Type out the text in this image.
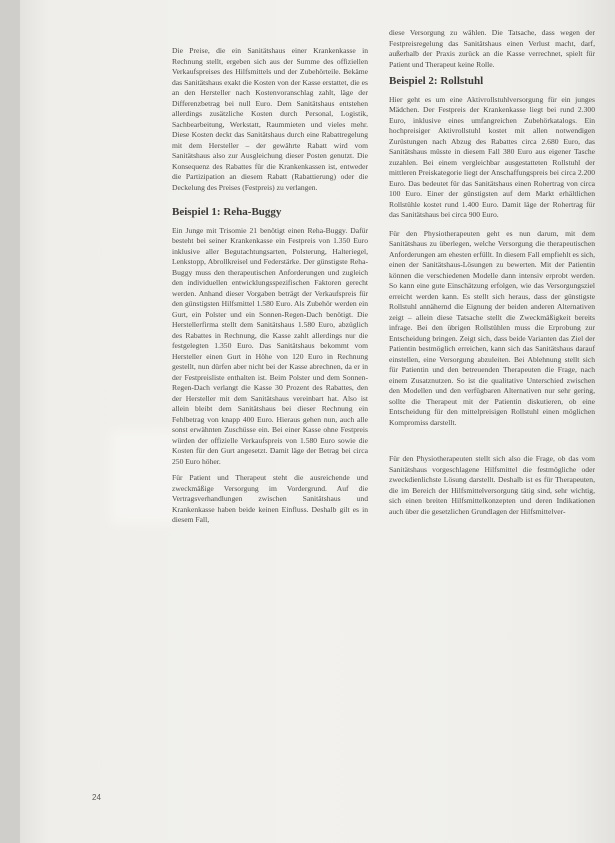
Die Preise, die ein Sanitätshaus einer Krankenkasse in Rechnung stellt, ergeben sich aus der Summe des offiziellen Verkaufspreises des Hilfsmittels und der Zubehörteile. Bekäme das Sanitätshaus exakt die Kosten von der Kasse erstattet, die es an den Hersteller nach Kostenvoranschlag zahlt, läge der Differenzbetrag bei null Euro. Dem Sanitätshaus entstehen allerdings zusätzliche Kosten durch Personal, Logistik, Sachbearbeitung, Werkstatt, Raummieten und vieles mehr. Diese Kosten deckt das Sanitätshaus durch eine Rabattregelung mit dem Hersteller – der gewährte Rabatt wird vom Sanitätshaus also zur Ausgleichung dieser Posten genutzt. Die Konsequenz des Rabattes für die Krankenkassen ist, entweder die Partizipation an diesem Rabatt (Rabattierung) oder die Deckelung des Preises (Festpreis) zu verlangen.

Beispiel 1: Reha-Buggy

Ein Junge mit Trisomie 21 benötigt einen Reha-Buggy. Dafür besteht bei seiner Krankenkasse ein Festpreis von 1.350 Euro inklusive aller Begutachtungsarten, Polsterung, Halteriegel, Lenkstopp, Abrollkreisel und Federstärke. Der günstigste Reha-Buggy muss den therapeutischen Anforderungen und zugleich den individuellen entwicklungsspezifischen Faktoren gerecht werden. Anhand dieser Vorgaben beträgt der Verkaufspreis für den günstigsten Hilfsmittel 1.580 Euro. Als Zubehör werden ein Gurt, ein Polster und ein Sonnen-Regen-Dach benötigt. Die Herstellerfirma stellt dem Sanitätshaus 1.580 Euro, abzüglich des Rabattes in Rechnung, die Kasse zahlt allerdings nur die festgelegten 1.350 Euro. Das Sanitätshaus bekommt vom Hersteller einen Gurt in Höhe von 120 Euro in Rechnung gestellt, nun dürfen aber nicht bei der Kasse abrechnen, da er in der Festpreisliste enthalten ist. Beim Polster und dem Sonnen-Regen-Dach verlangt die Kasse 30 Prozent des Rabattes, den der Hersteller mit dem Sanitätshaus vereinbart hat. Also ist allein bleibt dem Sanitätshaus bei dieser Rechnung ein Fehlbetrag von knapp 400 Euro. Hieraus gehen nun, auch alle sonst erwähnten Zuschüsse ein. Bei einer Kasse ohne Festpreis würden der offizielle Verkaufspreis von 1.580 Euro sowie die Kosten für den Gurt angesetzt. Damit läge der Betrag bei circa 250 Euro höher.

Für Patient und Therapeut steht die ausreichende und zweckmäßige Versorgung im Vordergrund. Auf die Vertragsverhandlungen zwischen Sanitätshaus und Krankenkasse haben beide keinen Einfluss. Deshalb gilt es in diesem Fall,

diese Versorgung zu wählen. Die Tatsache, dass wegen der Festpreisregelung das Sanitätshaus einen Verlust macht, darf, außerhalb der Praxis zurück an die Kasse verrechnet, spielt für Patient und Therapeut keine Rolle.

Beispiel 2: Rollstuhl

Hier geht es um eine Aktivrollstuhlversorgung für ein junges Mädchen. Der Festpreis der Krankenkasse liegt bei rund 2.300 Euro, inklusive eines umfangreichen Zubehörkatalogs. Ein hochpreisiger Aktivrollstuhl kostet mit allen notwendigen Zurüstungen nach Abzug des Rabattes circa 2.680 Euro, das Sanitätshaus müsste in diesem Fall 380 Euro aus eigener Tasche zuzahlen. Bei einem vergleichbar ausgestatteten Rollstuhl der mittleren Preiskategorie liegt der Anschaffungspreis bei circa 2.200 Euro. Das bedeutet für das Sanitätshaus einen Rohertrag von circa 100 Euro. Einer der günstigsten auf dem Markt erhältlichen Rollstühle kostet rund 1.400 Euro. Damit läge der Rohertrag für das Sanitätshaus bei circa 900 Euro.

Für den Physiotherapeuten geht es nun darum, mit dem Sanitätshaus zu überlegen, welche Versorgung die therapeutischen Anforderungen am ehesten erfüllt. In diesem Fall empfiehlt es sich, einen der Sanitätshaus-Lösungen zu bewerten. Mit der Patientin können die verschiedenen Modelle dann intensiv erprobt werden. So kann eine gute Einschätzung erfolgen, wie das Versorgungsziel erreicht werden kann. Es stellt sich heraus, dass der günstigste Rollstuhl annähernd die Eignung der beiden anderen Alternativen zeigt – allein diese Tatsache stellt die Zweckmäßigkeit bereits infrage. Bei den übrigen Rollstühlen muss die Erprobung zur Entscheidung bringen. Zeigt sich, dass beide Varianten das Ziel der Patientin bestmöglich erreichen, kann sich das Sanitätshaus darauf einstellen, eine Versorgung abzuleiten. Bei Ablehnung stellt sich für Patientin und den betreuenden Therapeuten die Frage, nach einem Zusatznutzen. So ist die qualitative Unterschied zwischen den Modellen und den verfügbaren Alternativen nur sehr gering, sollte die Therapeut mit der Patientin diskutieren, ob eine Entscheidung für den mittelpreisigen Rollstuhl einen möglichen Kompromiss darstellt.

Für den Physiotherapeuten stellt sich also die Frage, ob das vom Sanitätshaus vorgeschlagene Hilfsmittel die festmögliche oder zweckdienlichste Lösung darstellt. Deshalb ist es für Therapeuten, die im Bereich der Hilfsmittelversorgung tätig sind, sehr wichtig, sich einen breiten Hilfsmittelkonzepten und deren Indikationen auch über die gesetzlichen Grundlagen der Hilfsmittelver-

24
